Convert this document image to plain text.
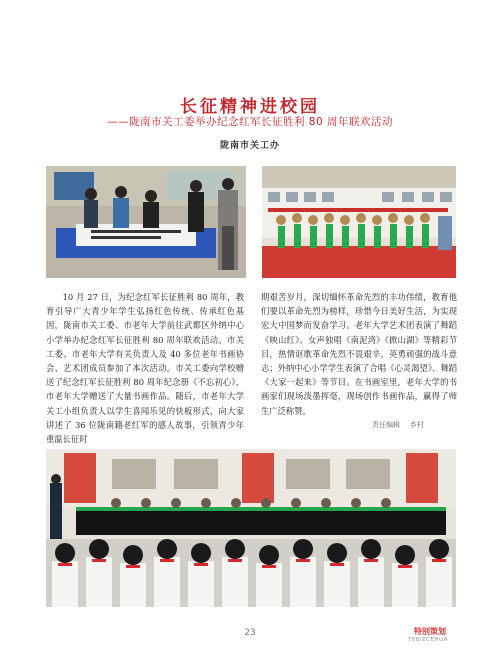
长征精神进校园
——陇南市关工委举办纪念红军长征胜利 80 周年联欢活动
陇南市关工办
10 月 27 日，为纪念红军长征胜利 80 周年，教育引导广大青少年学生弘扬红色传统、传承红色基因，陇南市关工委、市老年大学前往武都区外纳中心小学举办纪念红军长征胜利 80 周年联欢活动。市关工委、市老年大学有关负责人及 40 多位老年书画协会、艺术团成员参加了本次活动。市关工委向学校赠送了纪念红军长征胜利 80 周年纪念册《不忘初心》，市老年大学赠送了大量书画作品。随后，市老年大学关工小组负责人以学生喜闻乐见的快板形式，向大家讲述了 36 位陇南籍老红军的感人故事，引领青少年重温长征时
期艰苦岁月，深切缅怀革命先烈的丰功伟绩，教育他们要以革命先烈为榜样，珍惜今日美好生活，为实现宏大中国梦而发奋学习。老年大学艺术团表演了舞蹈《映山红》、女声独唱《南泥湾》《掀山湖》等精彩节目，热情讴歌革命先烈不畏艰辛、英勇顽强的战斗意志；外纳中心小学学生表演了合唱《心灵渴望》、舞蹈《大家一起来》等节目。在书画室里，老年大学的书画家们现场泼墨挥毫，现场创作书画作品，赢得了师生广泛称赞。
责任编辑 乡村
23	特别策划
TEBIECEHUA
